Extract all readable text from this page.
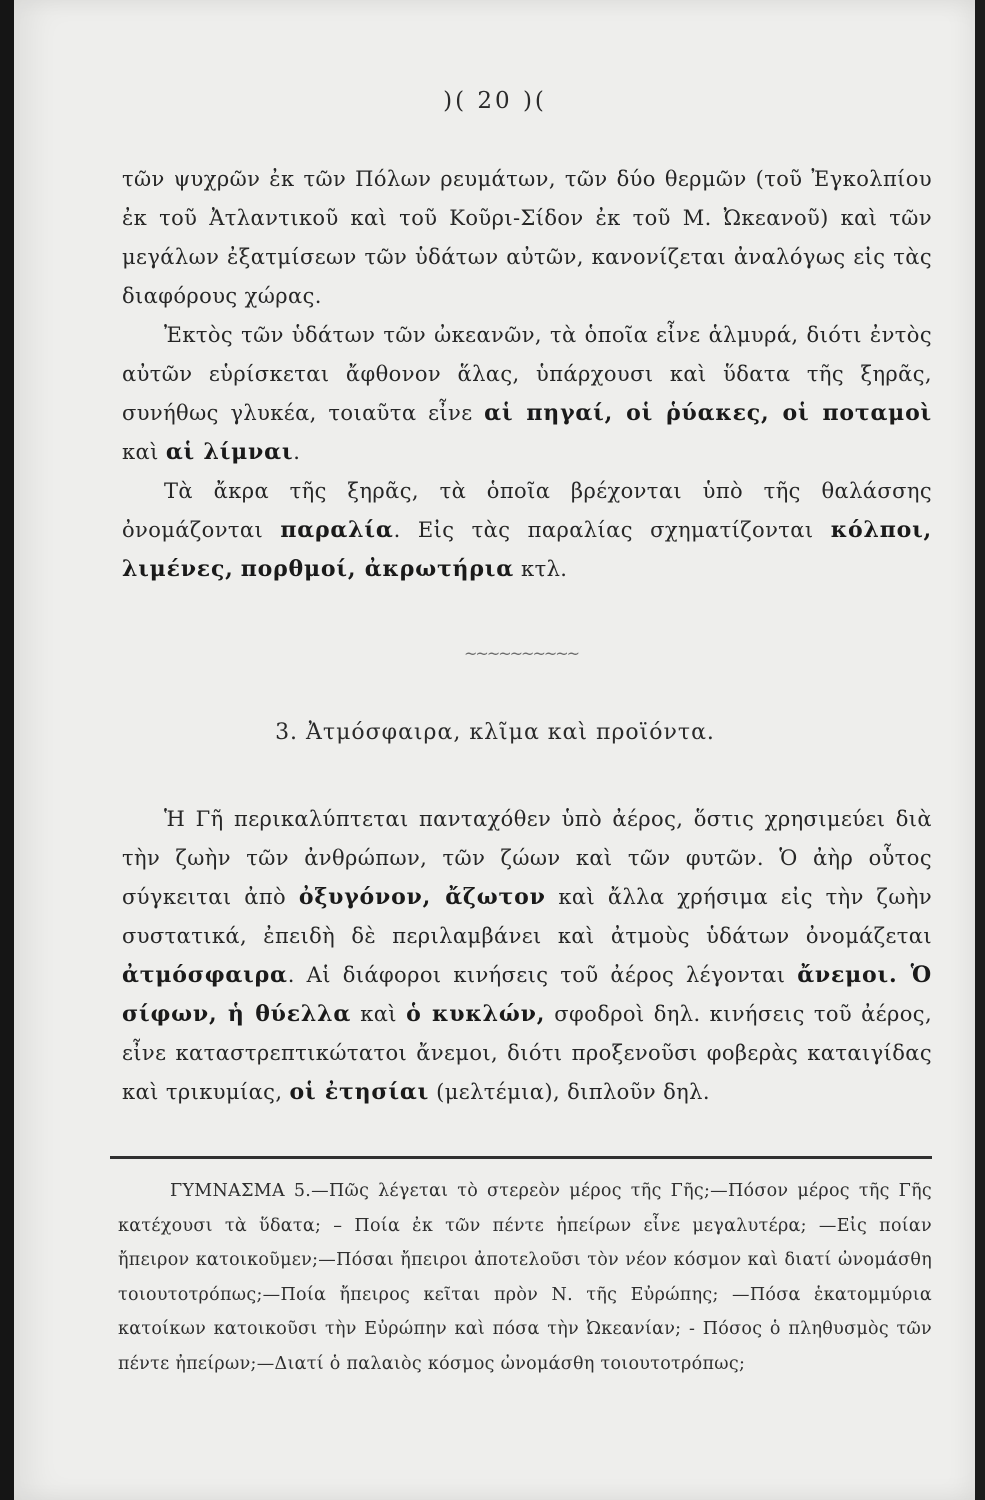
)( 20 )(

τῶν ψυχρῶν ἐκ τῶν Πόλων ρευμάτων, τῶν δύο θερμῶν (τοῦ Ἐγκολπίου ἐκ τοῦ Ἀτλαντικοῦ καὶ τοῦ Κοῦρι-Σίδον ἐκ τοῦ Μ. Ὠκεανοῦ) καὶ τῶν μεγάλων ἐξατμίσεων τῶν ὑδάτων αὐτῶν, κανονίζεται ἀναλόγως εἰς τὰς διαφόρους χώρας.

Ἐκτὸς τῶν ὑδάτων τῶν ὠκεανῶν, τὰ ὁποῖα εἶνε ἁλμυρά, διότι ἐντὸς αὐτῶν εὑρίσκεται ἄφθονον ἅλας, ὑπάρχουσι καὶ ὕδατα τῆς ξηρᾶς, συνήθως γλυκέα, τοιαῦτα εἶνε αἱ πηγαί, οἱ ῥύακες, οἱ ποταμοὶ καὶ αἱ λίμναι.

Τὰ ἄκρα τῆς ξηρᾶς, τὰ ὁποῖα βρέχονται ὑπὸ τῆς θαλάσσης ὀνομάζονται παραλία. Εἰς τὰς παραλίας σχηματίζονται κόλποι, λιμένες, πορθμοί, ἀκρωτήρια κτλ.

~~~~~~~~~~
3. Ἀτμόσφαιρα, κλῖμα καὶ προϊόντα.

Ἡ Γῆ περικαλύπτεται πανταχόθεν ὑπὸ ἀέρος, ὅστις χρησιμεύει διὰ τὴν ζωὴν τῶν ἀνθρώπων, τῶν ζώων καὶ τῶν φυτῶν. Ὁ ἀὴρ οὗτος σύγκειται ἀπὸ ὀξυγόνον, ἄζωτον καὶ ἄλλα χρήσιμα εἰς τὴν ζωὴν συστατικά, ἐπειδὴ δὲ περιλαμβάνει καὶ ἀτμοὺς ὑδάτων ὀνομάζεται ἀτμόσφαιρα. Αἱ διάφοροι κινήσεις τοῦ ἀέρος λέγονται ἄνεμοι. Ὁ σίφων, ἡ θύελλα καὶ ὁ κυκλών, σφοδροὶ δηλ. κινήσεις τοῦ ἀέρος, εἶνε καταστρεπτικώτατοι ἄνεμοι, διότι προξενοῦσι φοβερὰς καταιγίδας καὶ τρικυμίας, οἱ ἐτησίαι (μελτέμια), διπλοῦν δηλ.

ΓΥΜΝΑΣΜΑ 5.—Πῶς λέγεται τὸ στερεὸν μέρος τῆς Γῆς;—Πόσον μέρος τῆς Γῆς κατέχουσι τὰ ὕδατα; – Ποία ἐκ τῶν πέντε ἠπείρων εἶνε μεγαλυτέρα; —Εἰς ποίαν ἤπειρον κατοικοῦμεν;—Πόσαι ἤπειροι ἀποτελοῦσι τὸν νέον κόσμον καὶ διατί ὠνομάσθη τοιουτοτρόπως;—Ποία ἤπειρος κεῖται πρὸν Ν. τῆς Εὐρώπης; —Πόσα ἑκατομμύρια κατοίκων κατοικοῦσι τὴν Εὐρώπην καὶ πόσα τὴν Ὠκεανίαν; - Πόσος ὁ πληθυσμὸς τῶν πέντε ἠπείρων;—Διατί ὁ παλαιὸς κόσμος ὠνομάσθη τοιουτοτρόπως;
